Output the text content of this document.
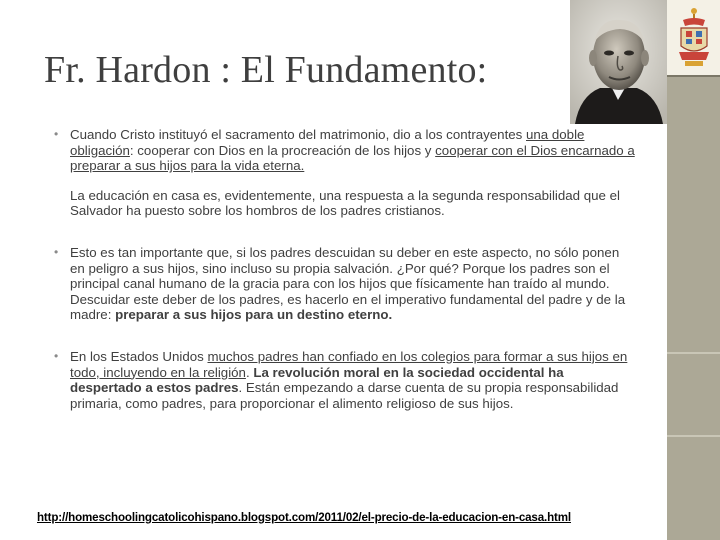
Fr. Hardon : El Fundamento:
• Cuando Cristo instituyó el sacramento del matrimonio, dio a los contrayentes una doble obligación: cooperar con Dios en la procreación de los hijos y cooperar con el Dios encarnado a preparar a sus hijos para la vida eterna.
La educación en casa es, evidentemente, una respuesta a la segunda responsabilidad que el Salvador ha puesto sobre los hombros de los padres cristianos.
• Esto es tan importante que, si los padres descuidan su deber en este aspecto, no sólo ponen en peligro a sus hijos, sino incluso su propia salvación. ¿Por qué? Porque los padres son el principal canal humano de la gracia para con los hijos que físicamente han traído al mundo. Descuidar este deber de los padres, es hacerlo en el imperativo fundamental del padre y de la madre: preparar a sus hijos para un destino eterno.
• En los Estados Unidos muchos padres han confiado en los colegios para formar a sus hijos en todo, incluyendo en la religión. La revolución moral en la sociedad occidental ha despertado a estos padres. Están empezando a darse cuenta de su propia responsabilidad primaria, como padres, para proporcionar el alimento religioso de sus hijos.
http://homeschoolingcatolicohispano.blogspot.com/2011/02/el-precio-de-la-educacion-en-casa.html
